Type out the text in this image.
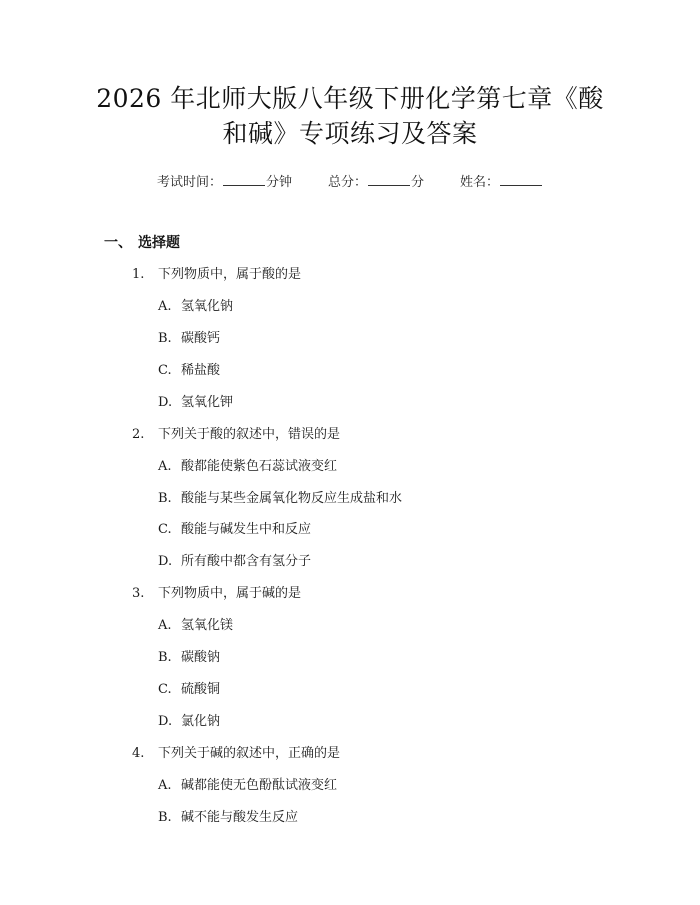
2026 年北师大版八年级下册化学第七章《酸
和碱》专项练习及答案
考试时间：	分钟	总分：	分	姓名：
一、 选择题
1. 下列物质中，属于酸的是
A. 氢氧化钠
B. 碳酸钙
C. 稀盐酸
D. 氢氧化钾
2. 下列关于酸的叙述中，错误的是
A. 酸都能使紫色石蕊试液变红
B. 酸能与某些金属氧化物反应生成盐和水
C. 酸能与碱发生中和反应
D. 所有酸中都含有氢分子
3. 下列物质中，属于碱的是
A. 氢氧化镁
B. 碳酸钠
C. 硫酸铜
D. 氯化钠
4. 下列关于碱的叙述中，正确的是
A. 碱都能使无色酚酞试液变红
B. 碱不能与酸发生反应
